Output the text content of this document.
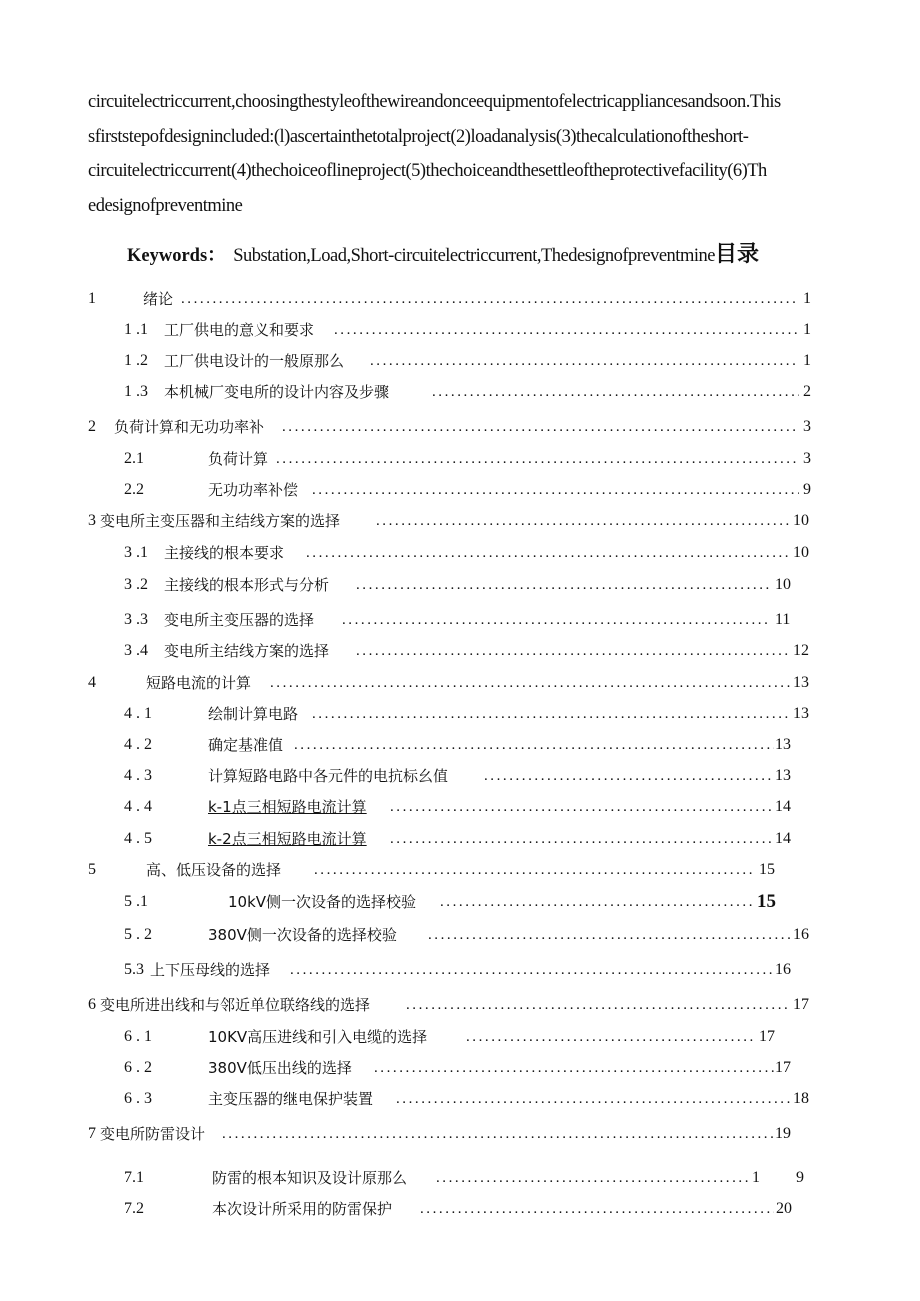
circuitelectriccurrent,choosingthestyleofthewireandonceequipmentofelectricappliancesandsoon.This
sfirststepofdesignincluded:(l)ascertainthetotalproject(2)loadanalysis(3)thecalculationoftheshort-
circuitelectriccurrent(4)thechoiceoflineproject(5)thechoiceandthesettleoftheprotectivefacility(6)Th
edesignofpreventmine
Keywords： Substation,Load,Short-circuitelectriccurrent,Thedesignofpreventmine目录
1	绪论 . . .	1
1 .1 工厂供电的意义和要求 . . .	1
1 .2 工厂供电设计的一般原那么 . . .	1
1 .3 本机械厂变电所的设计内容及步骤 . . .	2
2 负荷计算和无功功率补 . . .	3
2.1	负荷计算 . . .	3
2.2	无功功率补偿 . . .	9
3 变电所主变压器和主结线方案的选择 . . .	10
3 .1 主接线的根本要求 . . .	10
3 .2 主接线的根本形式与分析 . . .	10
3 .3 变电所主变压器的选择 . . .	11
3 .4 变电所主结线方案的选择 . . .	12
4	短路电流的计算 . . .	13
4 . 1	绘制计算电路 . . .	13
4 . 2	确定基准值 . . .	13
4 . 3	计算短路电路中各元件的电抗标幺值 . . .	13
4 . 4	k-1点三相短路电流计算 . . .	14
4 . 5	k-2点三相短路电流计算 . . .	14
5	高、低压设备的选择 . . .	15
5 .1	10kV侧一次设备的选择校验 . . .	15
5 . 2	380V侧一次设备的选择校验 . . .	16
5.3 上下压母线的选择 . . .	16
6 变电所进出线和与邻近单位联络线的选择 . . .	17
6 . 1	10KV高压进线和引入电缆的选择 . . .	17
6 . 2	380V低压出线的选择 . . .	17
6 . 3	主变压器的继电保护装置 . . .	18
7 变电所防雷设计 . . .	19
7.1	防雷的根本知识及设计原那么 . . .	1 9
7.2	本次设计所采用的防雷保护 . . .	20
